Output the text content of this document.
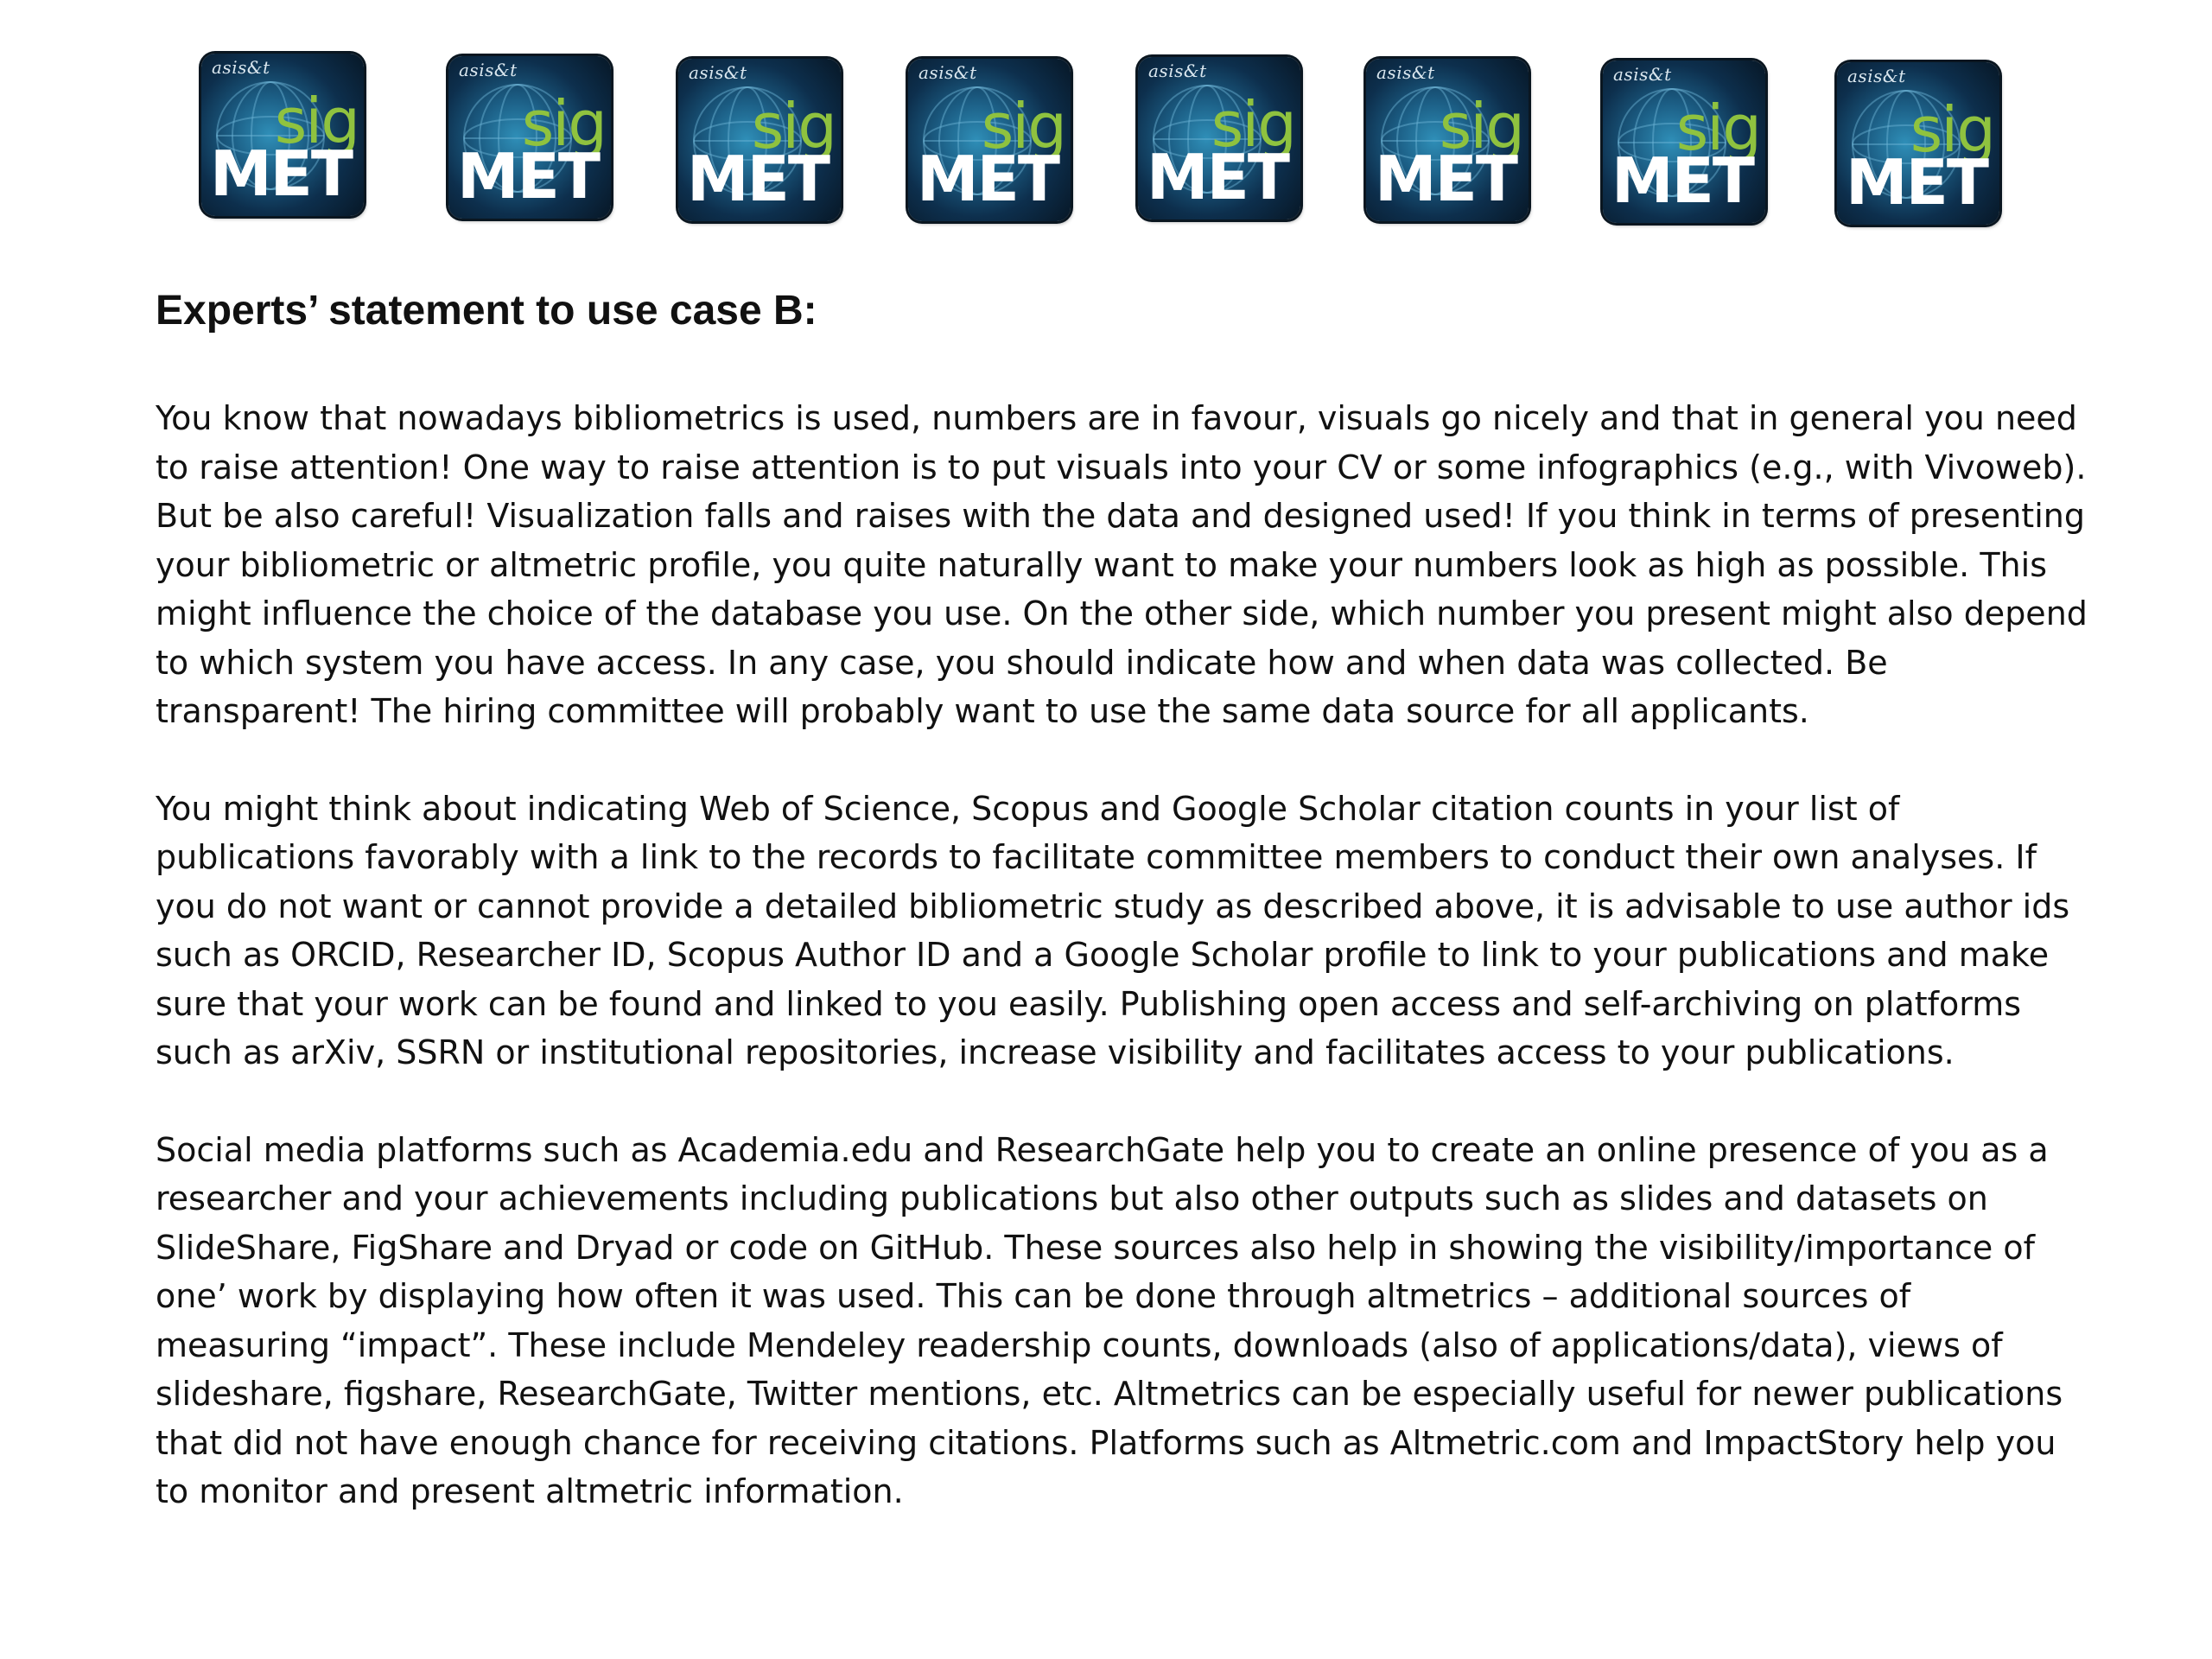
asis&t
sig
MET
asis&t
sig
MET
asis&t
sig
MET
asis&t
sig
MET
asis&t
sig
MET
asis&t
sig
MET
asis&t
sig
MET
asis&t
sig
MET
Experts’ statement to use case B:

You know that nowadays bibliometrics is used, numbers are in favour, visuals go nicely and that in general you need to raise attention! One way to raise attention is to put visuals into your CV or some infographics (e.g., with Vivoweb). But be also careful! Visualization falls and raises with the data and designed used! If you think in terms of presenting your bibliometric or altmetric profile, you quite naturally want to make your numbers look as high as possible. This might influence the choice of the database you use. On the other side, which number you present might also depend to which system you have access. In any case, you should indicate how and when data was collected. Be transparent! The hiring committee will probably want to use the same data source for all applicants.

You might think about indicating Web of Science, Scopus and Google Scholar citation counts in your list of publications favorably with a link to the records to facilitate committee members to conduct their own analyses. If you do not want or cannot provide a detailed bibliometric study as described above, it is advisable to use author ids such as ORCID, Researcher ID, Scopus Author ID and a Google Scholar profile to link to your publications and make sure that your work can be found and linked to you easily. Publishing open access and self-archiving on platforms such as arXiv, SSRN or institutional repositories, increase visibility and facilitates access to your publications.

Social media platforms such as Academia.edu and ResearchGate help you to create an online presence of you as a researcher and your achievements including publications but also other outputs such as slides and datasets on SlideShare, FigShare and Dryad or code on GitHub. These sources also help in showing the visibility/importance of one’ work by displaying how often it was used. This can be done through altmetrics – additional sources of measuring “impact”. These include Mendeley readership counts, downloads (also of applications/data), views of slideshare, figshare, ResearchGate, Twitter mentions, etc. Altmetrics can be especially useful for newer publications that did not have enough chance for receiving citations. Platforms such as Altmetric.com and ImpactStory help you to monitor and present altmetric information.
